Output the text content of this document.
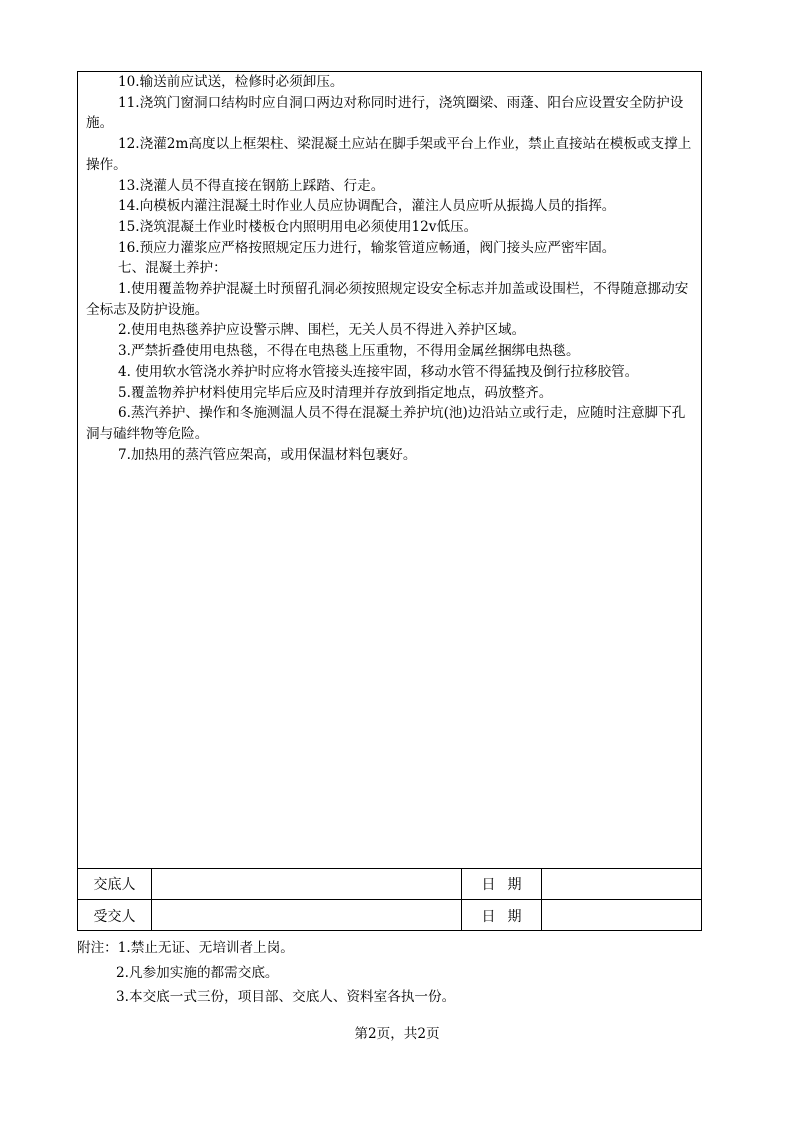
10.输送前应试送，检修时必须卸压。

11.浇筑门窗洞口结构时应自洞口两边对称同时进行，浇筑圈梁、雨蓬、阳台应设置安全防护设施。

12.浇灌2m高度以上框架柱、梁混凝土应站在脚手架或平台上作业，禁止直接站在模板或支撑上操作。

13.浇灌人员不得直接在钢筋上踩踏、行走。

14.向模板内灌注混凝土时作业人员应协调配合，灌注人员应听从振捣人员的指挥。

15.浇筑混凝土作业时楼板仓内照明用电必须使用12v低压。

16.预应力灌浆应严格按照规定压力进行，输浆管道应畅通，阀门接头应严密牢固。

七、混凝土养护：

1.使用覆盖物养护混凝土时预留孔洞必须按照规定设安全标志并加盖或设围栏，不得随意挪动安全标志及防护设施。

2.使用电热毯养护应设警示牌、围栏，无关人员不得进入养护区域。

3.严禁折叠使用电热毯，不得在电热毯上压重物，不得用金属丝捆绑电热毯。

4. 使用软水管浇水养护时应将水管接头连接牢固，移动水管不得猛拽及倒行拉移胶管。

5.覆盖物养护材料使用完毕后应及时清理并存放到指定地点，码放整齐。

6.蒸汽养护、操作和冬施测温人员不得在混凝土养护坑(池)边沿站立或行走，应随时注意脚下孔洞与磕绊物等危险。

7.加热用的蒸汽管应架高，或用保温材料包裹好。

交底人	日期
受交人	日期
附注：1.禁止无证、无培训者上岗。
2.凡参加实施的都需交底。
3.本交底一式三份，项目部、交底人、资料室各执一份。
第2页，共2页
